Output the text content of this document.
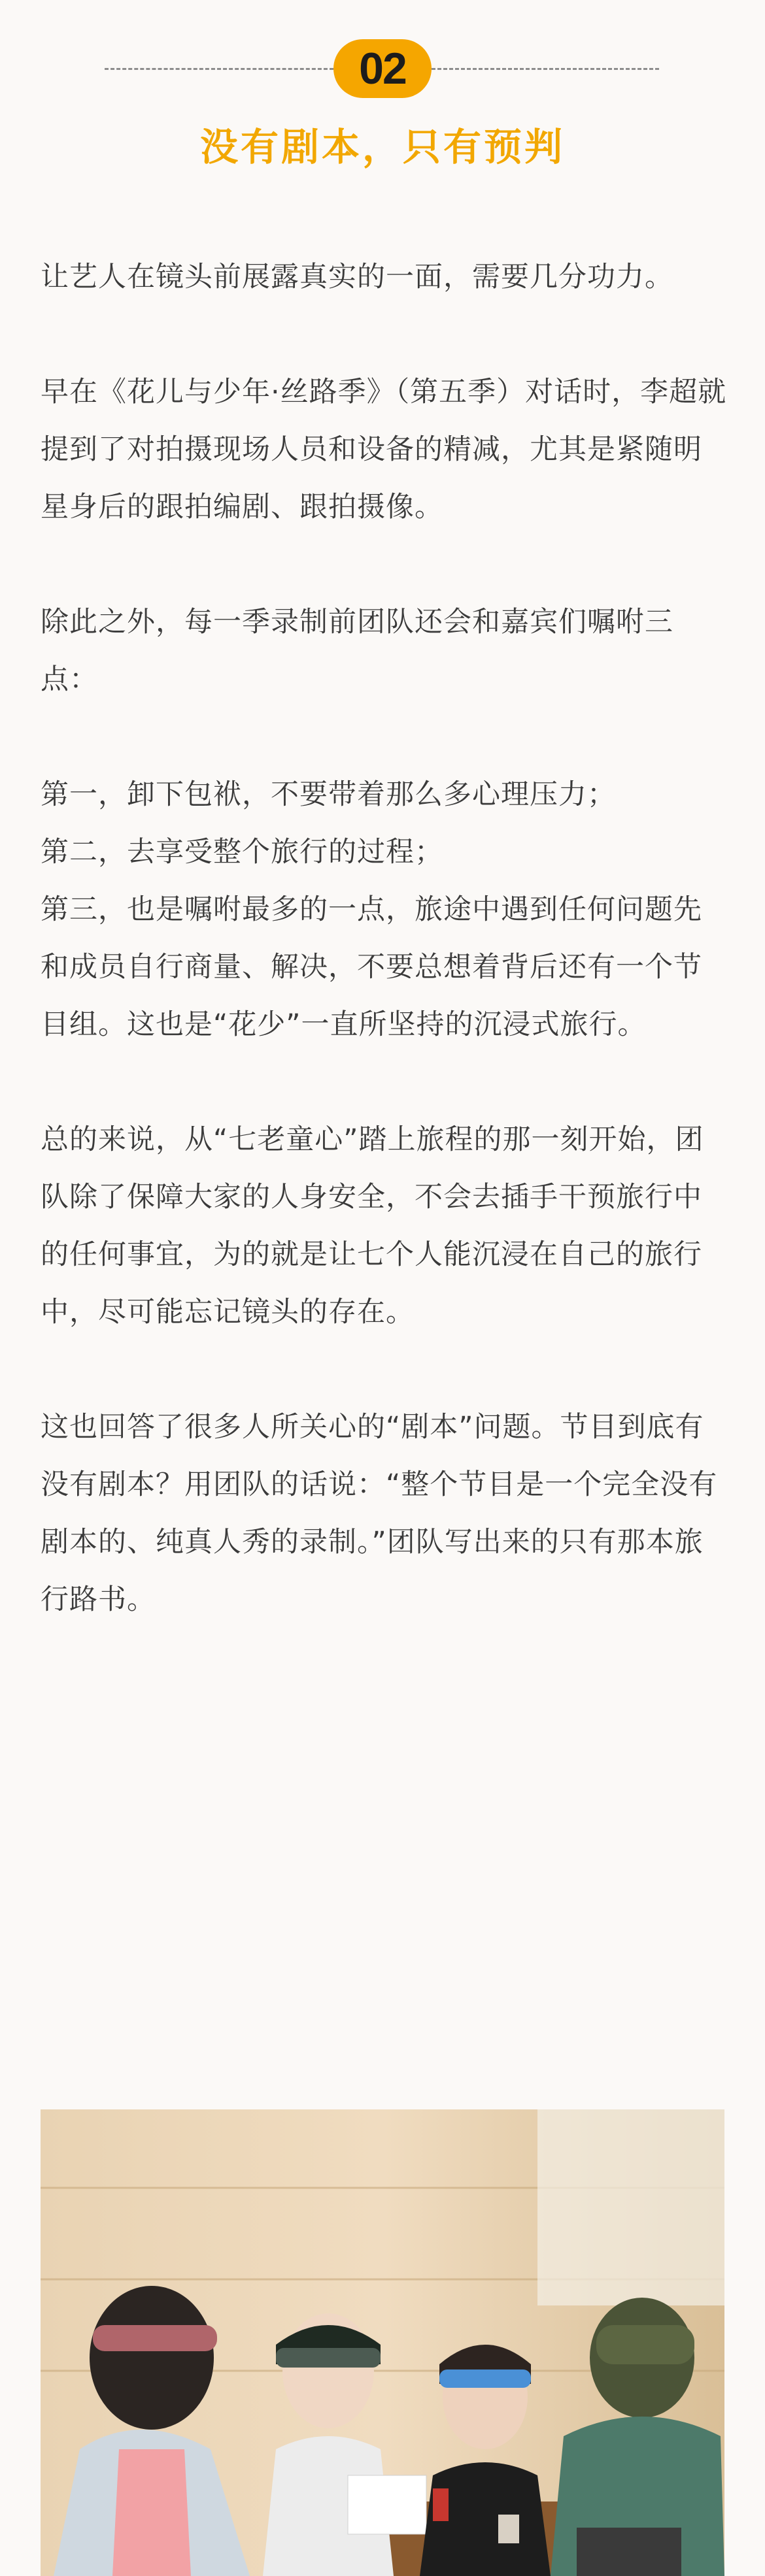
02
没有剧本，只有预判

让艺人在镜头前展露真实的一面，需要几分功力。

早在《花儿与少年·丝路季》（第五季）对话时，李超就提到了对拍摄现场人员和设备的精减，尤其是紧随明星身后的跟拍编剧、跟拍摄像。

除此之外，每一季录制前团队还会和嘉宾们嘱咐三点：

第一，卸下包袱，不要带着那么多心理压力；

第二，去享受整个旅行的过程；

第三，也是嘱咐最多的一点，旅途中遇到任何问题先和成员自行商量、解决，不要总想着背后还有一个节目组。这也是“花少”一直所坚持的沉浸式旅行。

总的来说，从“七老童心”踏上旅程的那一刻开始，团队除了保障大家的人身安全，不会去插手干预旅行中的任何事宜，为的就是让七个人能沉浸在自己的旅行中，尽可能忘记镜头的存在。

这也回答了很多人所关心的“剧本”问题。节目到底有没有剧本？用团队的话说：“整个节目是一个完全没有剧本的、纯真人秀的录制。”团队写出来的只有那本旅行路书。
